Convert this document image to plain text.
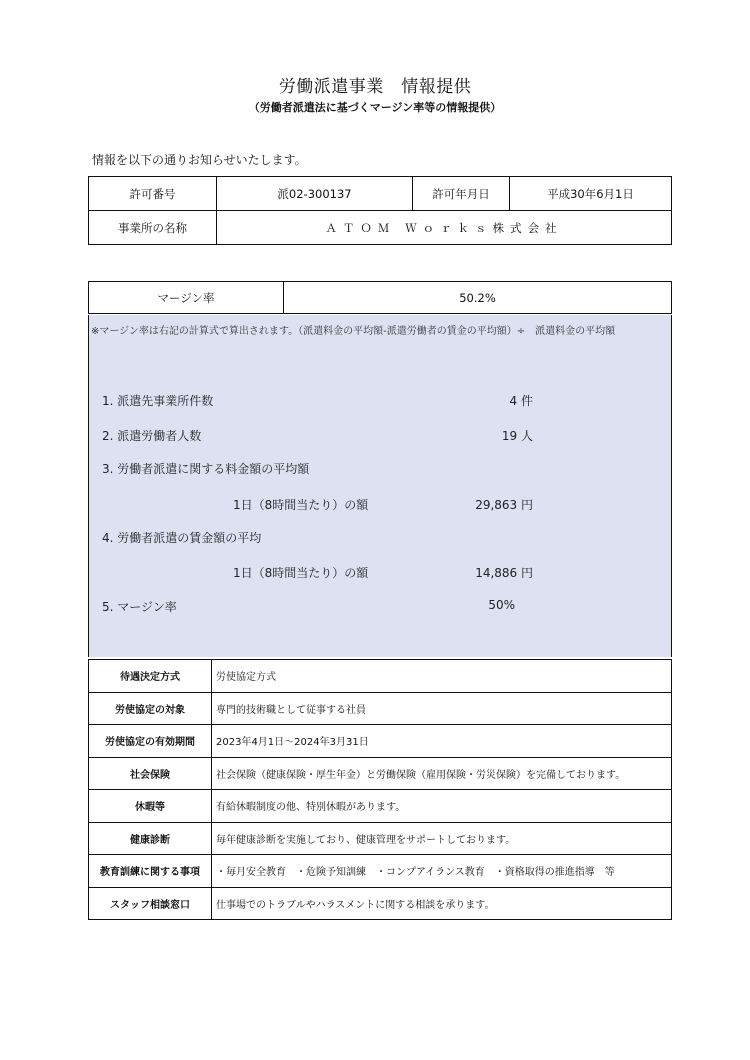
労働派遣事業　情報提供
（労働者派遣法に基づくマージン率等の情報提供）
情報を以下の通りお知らせいたします。
許可番号	派02-300137	許可年月日	平成30年6月1日
事業所の名称	ＡＴＯＭ Ｗｏｒｋｓ株式会社		
マージン率	50.2%
※マージン率は右記の計算式で算出されます。（派遣料金の平均額-派遣労働者の賃金の平均額）÷　派遣料金の平均額
1. 派遣先事業所件数	4 件
2. 派遣労働者人数	19 人
3. 労働者派遣に関する料金額の平均額
1日（8時間当たり）の額	29,863 円
4. 労働者派遣の賃金額の平均
1日（8時間当たり）の額	14,886 円
5. マージン率	50%
待遇決定方式	労使協定方式
労使協定の対象	専門的技術職として従事する社員
労使協定の有効期間	2023年4月1日～2024年3月31日
社会保険	社会保険（健康保険・厚生年金）と労働保険（雇用保険・労災保険）を完備しております。
休暇等	有給休暇制度の他、特別休暇があります。
健康診断	毎年健康診断を実施しており、健康管理をサポートしております。
教育訓練に関する事項	・毎月安全教育　・危険予知訓練　・コンプアイランス教育　・資格取得の推進指導　等
スタッフ相談窓口	仕事場でのトラブルやハラスメントに関する相談を承ります。
